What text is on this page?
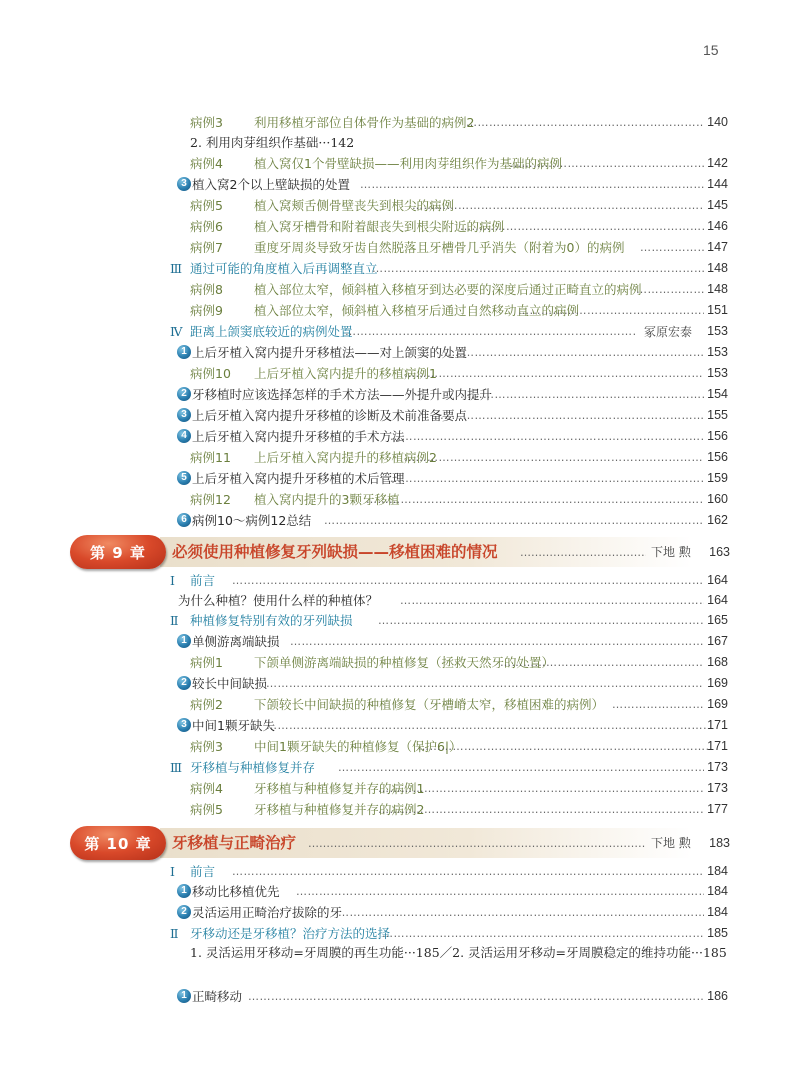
15
病例3	利用移植牙部位自体骨作为基础的病例2 …………………………………………………………………………………………………………………………………………………………………………………………………………………………………	140
2. 利用肉芽组织作基础···142
病例4	植入窝仅1个骨壁缺损——利用肉芽组织作为基础的病例 …………………………………………………………………………………………………………………………………………………………………………………………………………………………………	142
3 植入窝2个以上壁缺损的处置 …………………………………………………………………………………………………………………………………………………………………………………………………………………………………	144
病例5	植入窝颊舌侧骨壁丧失到根尖的病例 …………………………………………………………………………………………………………………………………………………………………………………………………………………………………	145
病例6	植入窝牙槽骨和附着龈丧失到根尖附近的病例 …………………………………………………………………………………………………………………………………………………………………………………………………………………………………	146
病例7	重度牙周炎导致牙齿自然脱落且牙槽骨几乎消失（附着为0）的病例 …………………………………………………………………………………………………………………………………………………………………………………………………………………………………	147
Ⅲ 通过可能的角度植入后再调整直立 …………………………………………………………………………………………………………………………………………………………………………………………………………………………………	148
病例8	植入部位太窄，倾斜植入移植牙到达必要的深度后通过正畸直立的病例 …………………………………………………………………………………………………………………………………………………………………………………………………………………………………	148
病例9	植入部位太窄，倾斜植入移植牙后通过自然移动直立的病例 …………………………………………………………………………………………………………………………………………………………………………………………………………………………………	151
Ⅳ 距离上颌窦底较近的病例处置 …………………………………………………………………………………………………………………………………………………………………………………………………………………………………	冢原宏泰 153
1 上后牙植入窝内提升牙移植法——对上颌窦的处置 …………………………………………………………………………………………………………………………………………………………………………………………………………………………………	153
病例10	上后牙植入窝内提升的移植病例1 …………………………………………………………………………………………………………………………………………………………………………………………………………………………………	153
2 牙移植时应该选择怎样的手术方法——外提升或内提升 …………………………………………………………………………………………………………………………………………………………………………………………………………………………………	154
3 上后牙植入窝内提升牙移植的诊断及术前准备要点 …………………………………………………………………………………………………………………………………………………………………………………………………………………………………	155
4 上后牙植入窝内提升牙移植的手术方法 …………………………………………………………………………………………………………………………………………………………………………………………………………………………………	156
病例11	上后牙植入窝内提升的移植病例2 …………………………………………………………………………………………………………………………………………………………………………………………………………………………………	156
5 上后牙植入窝内提升牙移植的术后管理 …………………………………………………………………………………………………………………………………………………………………………………………………………………………………	159
病例12	植入窝内提升的3颗牙移植 …………………………………………………………………………………………………………………………………………………………………………………………………………………………………	160
6 病例10～病例12总结 …………………………………………………………………………………………………………………………………………………………………………………………………………………………………	162
第 9 章	必须使用种植修复牙列缺损——移植困难的情况 …………………………………………………………………………………………………………………………………………………………	下地 勲 163
Ⅰ 前言 …………………………………………………………………………………………………………………………………………………………………………………………………………………………………	164
为什么种植？使用什么样的种植体？ …………………………………………………………………………………………………………………………………………………………………………………………………………………………………	164
Ⅱ 种植修复特别有效的牙列缺损 …………………………………………………………………………………………………………………………………………………………………………………………………………………………………	165
1 单侧游离端缺损 …………………………………………………………………………………………………………………………………………………………………………………………………………………………………	167
病例1	下颌单侧游离端缺损的种植修复（拯救天然牙的处置） …………………………………………………………………………………………………………………………………………………………………………………………………………………………………	168
2 较长中间缺损 …………………………………………………………………………………………………………………………………………………………………………………………………………………………………	169
病例2	下颌较长中间缺损的种植修复（牙槽嵴太窄，移植困难的病例） …………………………………………………………………………………………………………………………………………………………………………………………………………………………………	169
3 中间1颗牙缺失 …………………………………………………………………………………………………………………………………………………………………………………………………………………………………	171
病例3	中间1颗牙缺失的种植修复（保护6|） …………………………………………………………………………………………………………………………………………………………………………………………………………………………………	171
Ⅲ 牙移植与种植修复并存 …………………………………………………………………………………………………………………………………………………………………………………………………………………………………	173
病例4	牙移植与种植修复并存的病例1 …………………………………………………………………………………………………………………………………………………………………………………………………………………………………	173
病例5	牙移植与种植修复并存的病例2 …………………………………………………………………………………………………………………………………………………………………………………………………………………………………	177
第 10 章	牙移植与正畸治疗 …………………………………………………………………………………………………………………………………………………………	下地 勲 183
Ⅰ 前言 …………………………………………………………………………………………………………………………………………………………………………………………………………………………………	184
1 移动比移植优先 …………………………………………………………………………………………………………………………………………………………………………………………………………………………………	184
2 灵活运用正畸治疗拔除的牙 …………………………………………………………………………………………………………………………………………………………………………………………………………………………………	184
Ⅱ 牙移动还是牙移植？治疗方法的选择 …………………………………………………………………………………………………………………………………………………………………………………………………………………………………	185
1. 灵活运用牙移动=牙周膜的再生功能···185／2. 灵活运用牙移动=牙周膜稳定的维持功能···185
1 正畸移动 …………………………………………………………………………………………………………………………………………………………………………………………………………………………………	186
